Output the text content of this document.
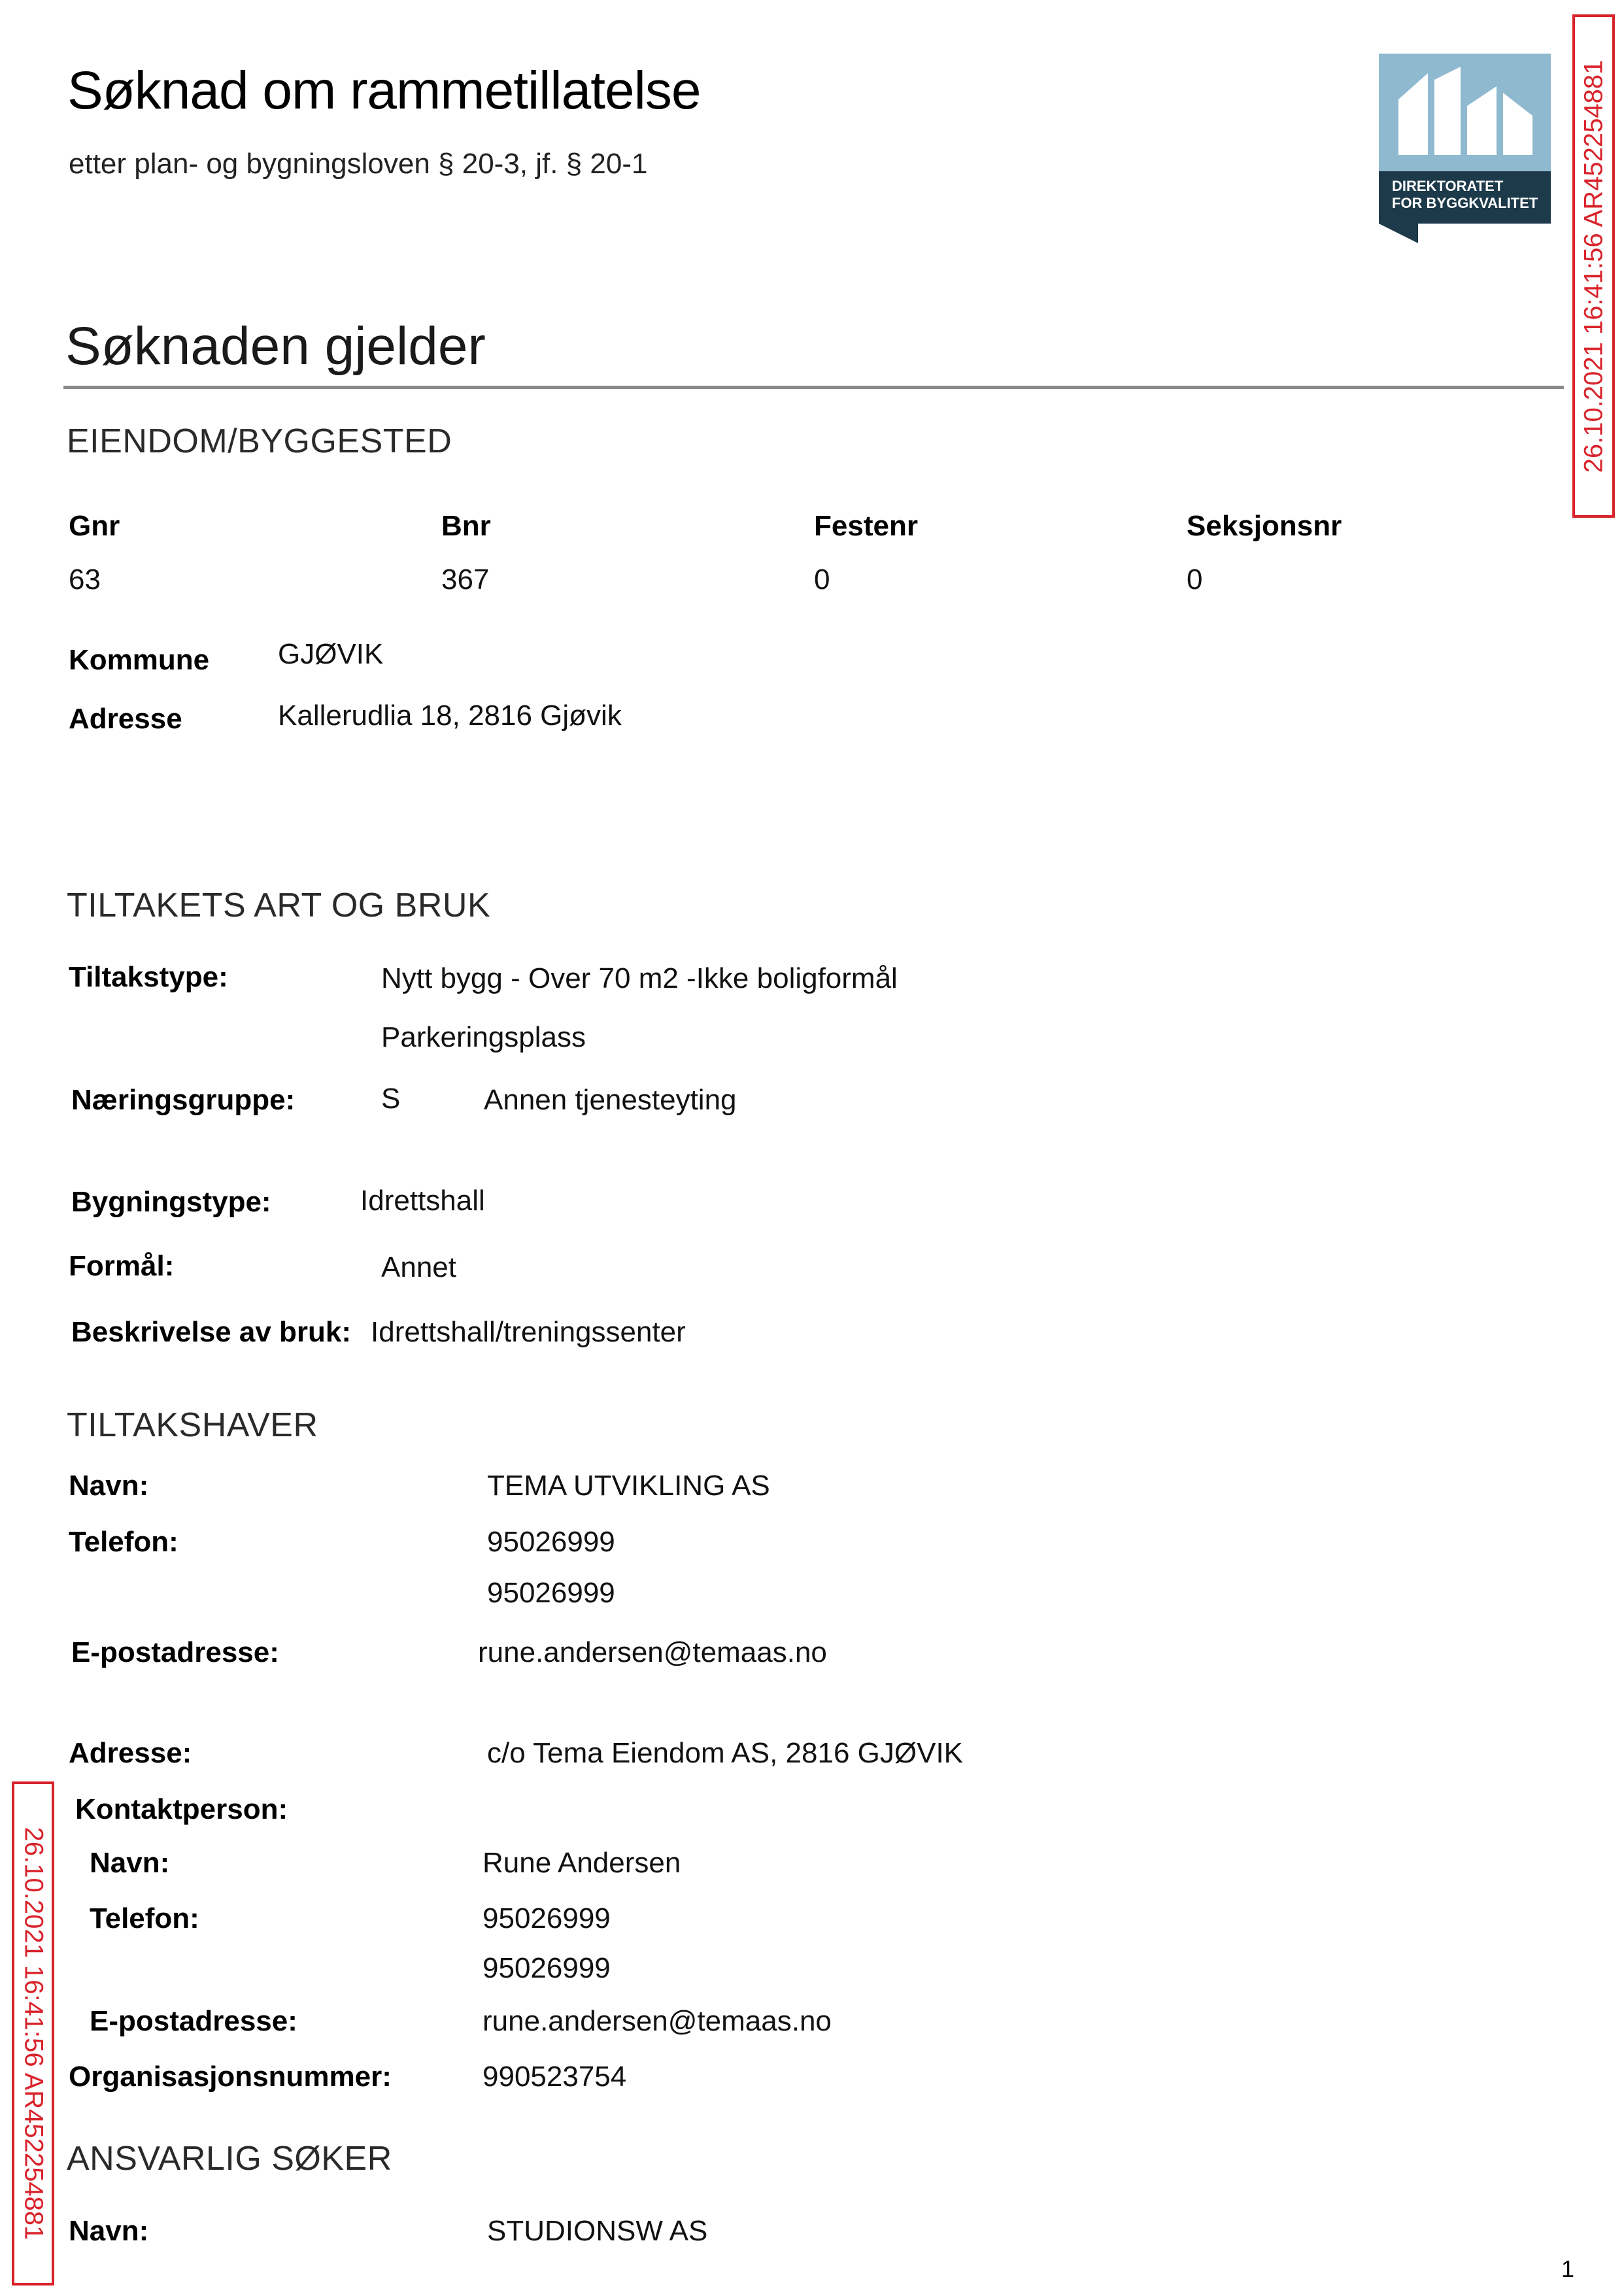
Søknad om rammetillatelse
etter plan- og bygningsloven § 20-3, jf. § 20-1
DIREKTORATET
FOR BYGGKVALITET
Søknaden gjelder
EIENDOM/BYGGESTED
Gnr	Bnr	Festenr	Seksjonsnr
63	367	0	0
Kommune GJØVIK
Adresse	Kallerudlia 18, 2816 Gjøvik
TILTAKETS ART OG BRUK
Tiltakstype:	Nytt bygg - Over 70 m2 -Ikke boligformål
Parkeringsplass
Næringsgruppe:	S	Annen tjenesteyting
Bygningstype:	Idrettshall
Formål:	Annet
Beskrivelse av bruk: Idrettshall/treningssenter
TILTAKSHAVER
Navn:	TEMA UTVIKLING AS
Telefon:	95026999
95026999
E-postadresse:	rune.andersen@temaas.no
Adresse:	c/o Tema Eiendom AS, 2816 GJØVIK
Kontaktperson:
Navn:	Rune Andersen
Telefon:	95026999
95026999
E-postadresse:	rune.andersen@temaas.no
Organisasjonsnummer:	990523754
ANSVARLIG SØKER
Navn:	STUDIONSW AS
26.10.2021 16:41:56 AR452254881
26.10.2021 16:41:56 AR452254881
1
